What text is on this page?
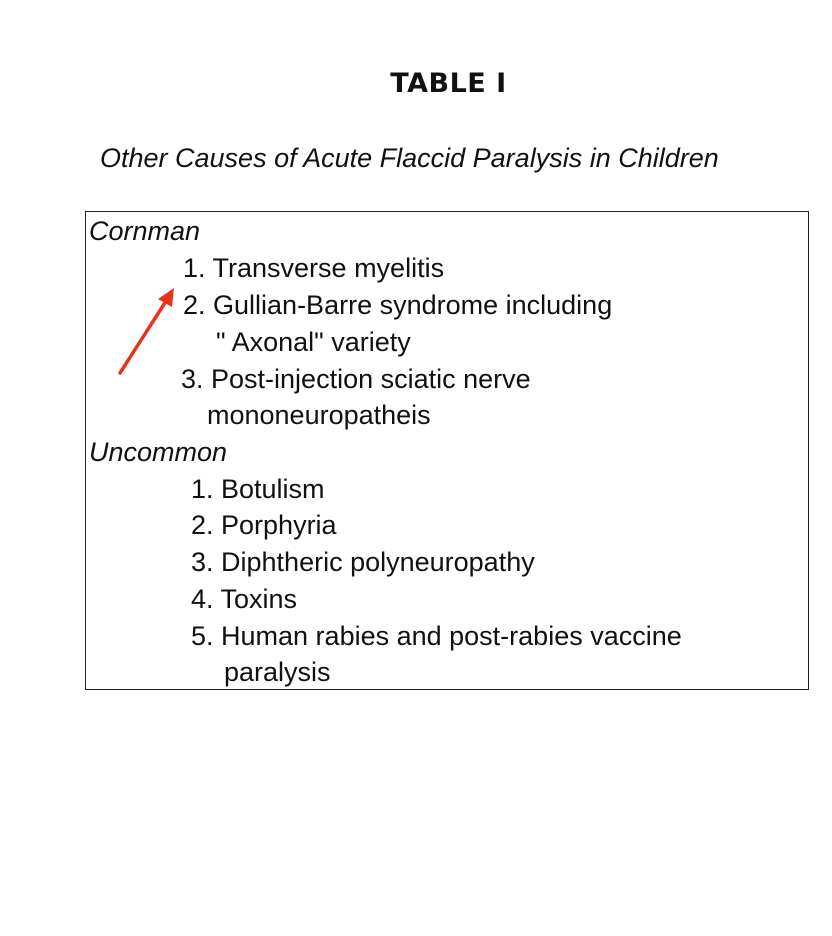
TABLE I
Other Causes of Acute Flaccid Paralysis in Children
Cornman
1. Transverse myelitis
2. Gullian-Barre syndrome including
" Axonal" variety
3. Post-injection sciatic nerve
mononeuropatheis
Uncommon
1. Botulism
2. Porphyria
3. Diphtheric polyneuropathy
4. Toxins
5. Human rabies and post-rabies vaccine
paralysis
